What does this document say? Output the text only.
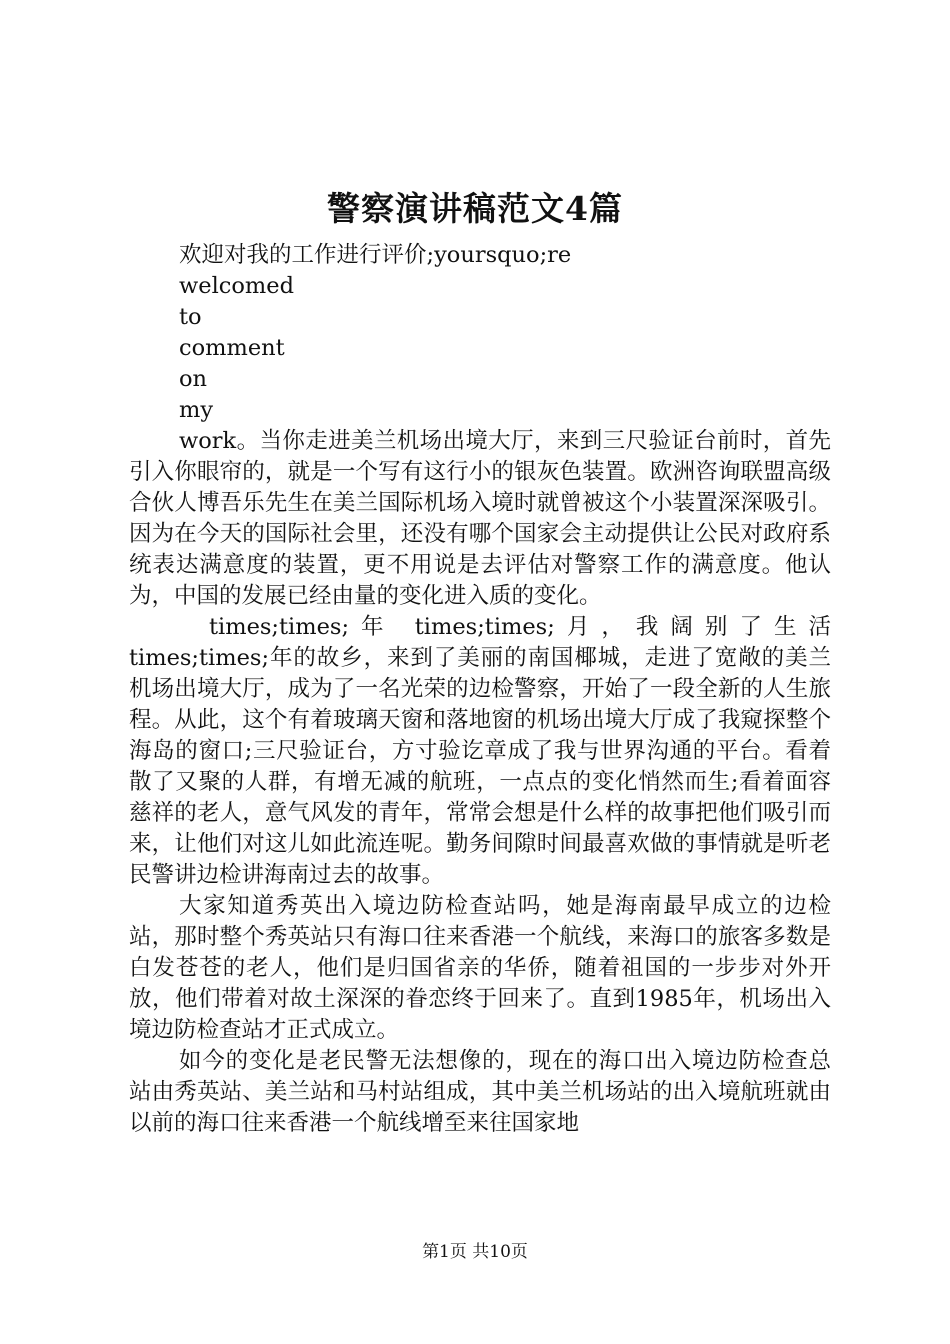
警察演讲稿范文4篇
欢迎对我的工作进行评价;yoursquo;re
welcomed
to
comment
on
my

work。当你走进美兰机场出境大厅，来到三尺验证台前时，首先引入你眼帘的，就是一个写有这行小的银灰色装置。欧洲咨询联盟高级合伙人博吾乐先生在美兰国际机场入境时就曾被这个小装置深深吸引。因为在今天的国际社会里，还没有哪个国家会主动提供让公民对政府系统表达满意度的装置，更不用说是去评估对警察工作的满意度。他认为，中国的发展已经由量的变化进入质的变化。

times;times;年 times;times;月，我阔别了生活times;times;年的故乡，来到了美丽的南国椰城，走进了宽敞的美兰机场出境大厅，成为了一名光荣的边检警察，开始了一段全新的人生旅程。从此，这个有着玻璃天窗和落地窗的机场出境大厅成了我窥探整个海岛的窗口;三尺验证台，方寸验讫章成了我与世界沟通的平台。看着散了又聚的人群，有增无减的航班，一点点的变化悄然而生;看着面容慈祥的老人，意气风发的青年，常常会想是什么样的故事把他们吸引而来，让他们对这儿如此流连呢。勤务间隙时间最喜欢做的事情就是听老民警讲边检讲海南过去的故事。

大家知道秀英出入境边防检查站吗，她是海南最早成立的边检站，那时整个秀英站只有海口往来香港一个航线，来海口的旅客多数是白发苍苍的老人，他们是归国省亲的华侨，随着祖国的一步步对外开放，他们带着对故土深深的眷恋终于回来了。直到1985年，机场出入境边防检查站才正式成立。

如今的变化是老民警无法想像的，现在的海口出入境边防检查总站由秀英站、美兰站和马村站组成，其中美兰机场站的出入境航班就由以前的海口往来香港一个航线增至来往国家地

第1页 共10页
